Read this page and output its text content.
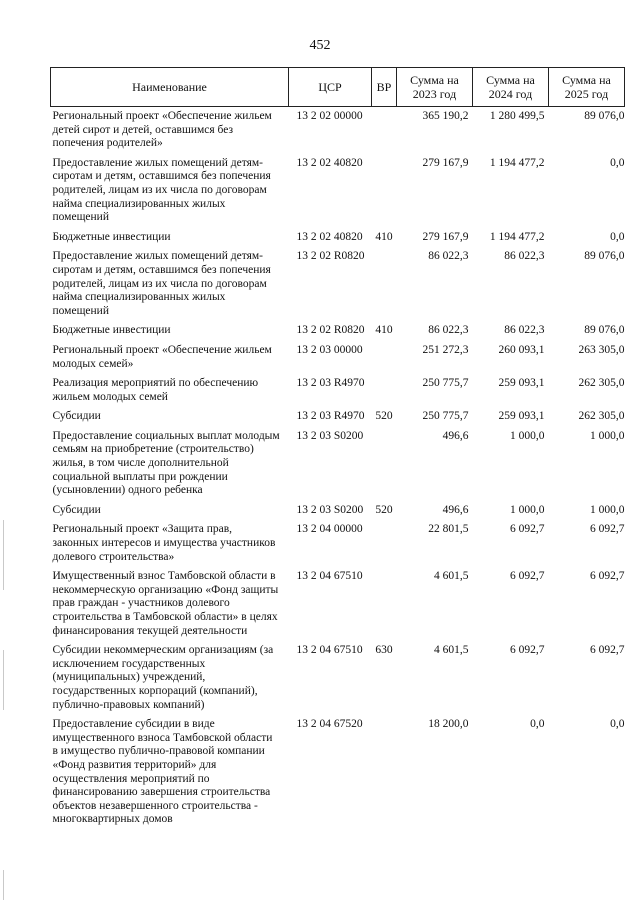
452
Наименование	ЦСР	ВР	Сумма на 2023 год	Сумма на 2024 год	Сумма на 2025 год
Региональный проект «Обеспечение жильем детей сирот и детей, оставшимся без попечения родителей»	13 2 02 00000		365 190,2	1 280 499,5	89 076,0
Предоставление жилых помещений детям-сиротам и детям, оставшимся без попечения родителей, лицам из их числа по договорам найма специализированных жилых помещений	13 2 02 40820		279 167,9	1 194 477,2	0,0
Бюджетные инвестиции	13 2 02 40820	410	279 167,9	1 194 477,2	0,0
Предоставление жилых помещений детям-сиротам и детям, оставшимся без попечения родителей, лицам из их числа по договорам найма специализированных жилых помещений	13 2 02 R0820		86 022,3	86 022,3	89 076,0
Бюджетные инвестиции	13 2 02 R0820	410	86 022,3	86 022,3	89 076,0
Региональный проект «Обеспечение жильем молодых семей»	13 2 03 00000		251 272,3	260 093,1	263 305,0
Реализация мероприятий по обеспечению жильем молодых семей	13 2 03 R4970		250 775,7	259 093,1	262 305,0
Субсидии	13 2 03 R4970	520	250 775,7	259 093,1	262 305,0
Предоставление социальных выплат молодым семьям на приобретение (строительство) жилья, в том числе дополнительной социальной выплаты при рождении (усыновлении) одного ребенка	13 2 03 S0200		496,6	1 000,0	1 000,0
Субсидии	13 2 03 S0200	520	496,6	1 000,0	1 000,0
Региональный проект «Защита прав, законных интересов и имущества участников долевого строительства»	13 2 04 00000		22 801,5	6 092,7	6 092,7
Имущественный взнос Тамбовской области в некоммерческую организацию «Фонд защиты прав граждан - участников долевого строительства в Тамбовской области» в целях финансирования текущей деятельности	13 2 04 67510		4 601,5	6 092,7	6 092,7
Субсидии некоммерческим организациям (за исключением государственных (муниципальных) учреждений, государственных корпораций (компаний), публично-правовых компаний)	13 2 04 67510	630	4 601,5	6 092,7	6 092,7
Предоставление субсидии в виде имущественного взноса Тамбовской области в имущество публично-правовой компании «Фонд развития территорий» для осуществления мероприятий по финансированию завершения строительства объектов незавершенного строительства - многоквартирных домов	13 2 04 67520		18 200,0	0,0	0,0
